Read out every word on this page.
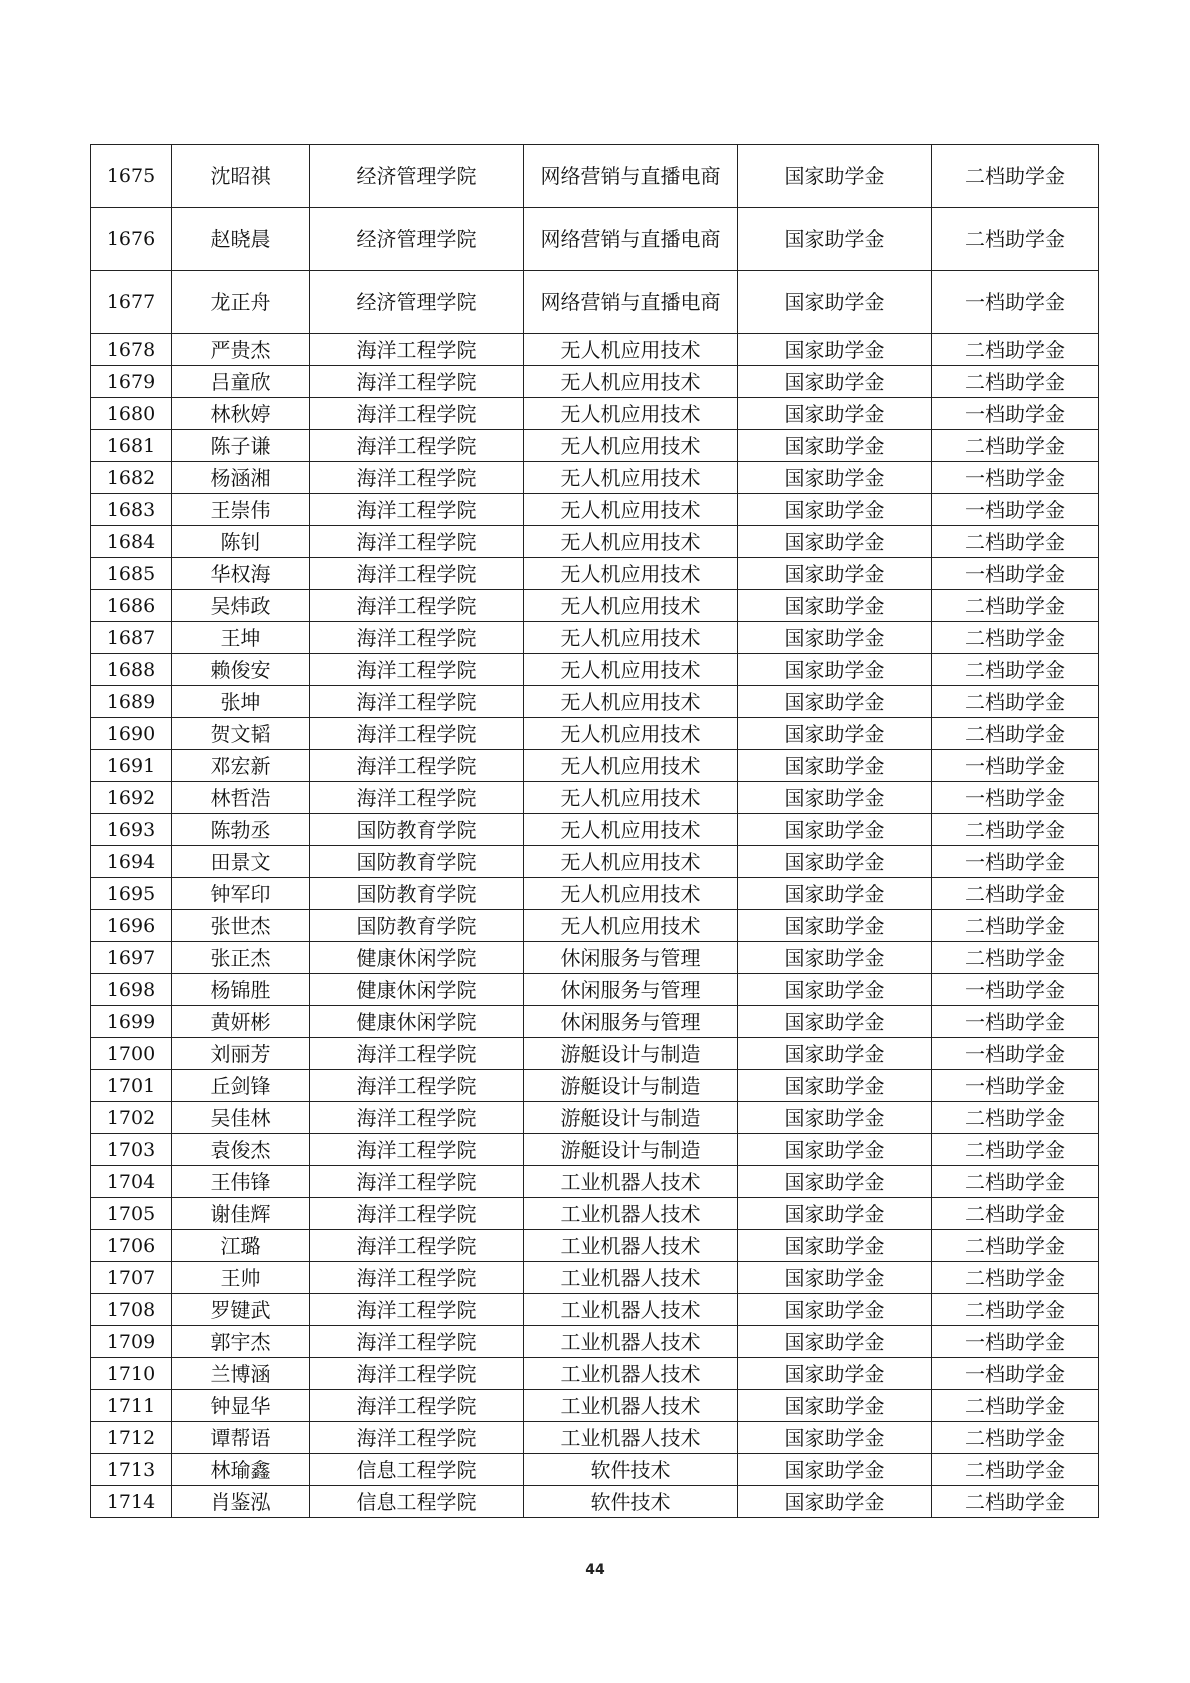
1675	沈昭祺	经济管理学院	网络营销与直播电商	国家助学金	二档助学金
1676	赵晓晨	经济管理学院	网络营销与直播电商	国家助学金	二档助学金
1677	龙正舟	经济管理学院	网络营销与直播电商	国家助学金	一档助学金
1678	严贵杰	海洋工程学院	无人机应用技术	国家助学金	二档助学金
1679	吕童欣	海洋工程学院	无人机应用技术	国家助学金	二档助学金
1680	林秋婷	海洋工程学院	无人机应用技术	国家助学金	一档助学金
1681	陈子谦	海洋工程学院	无人机应用技术	国家助学金	二档助学金
1682	杨涵湘	海洋工程学院	无人机应用技术	国家助学金	一档助学金
1683	王崇伟	海洋工程学院	无人机应用技术	国家助学金	一档助学金
1684	陈钊	海洋工程学院	无人机应用技术	国家助学金	二档助学金
1685	华权海	海洋工程学院	无人机应用技术	国家助学金	一档助学金
1686	吴炜政	海洋工程学院	无人机应用技术	国家助学金	二档助学金
1687	王坤	海洋工程学院	无人机应用技术	国家助学金	二档助学金
1688	赖俊安	海洋工程学院	无人机应用技术	国家助学金	二档助学金
1689	张坤	海洋工程学院	无人机应用技术	国家助学金	二档助学金
1690	贺文韬	海洋工程学院	无人机应用技术	国家助学金	二档助学金
1691	邓宏新	海洋工程学院	无人机应用技术	国家助学金	一档助学金
1692	林哲浩	海洋工程学院	无人机应用技术	国家助学金	一档助学金
1693	陈勃丞	国防教育学院	无人机应用技术	国家助学金	二档助学金
1694	田景文	国防教育学院	无人机应用技术	国家助学金	一档助学金
1695	钟军印	国防教育学院	无人机应用技术	国家助学金	二档助学金
1696	张世杰	国防教育学院	无人机应用技术	国家助学金	二档助学金
1697	张正杰	健康休闲学院	休闲服务与管理	国家助学金	二档助学金
1698	杨锦胜	健康休闲学院	休闲服务与管理	国家助学金	一档助学金
1699	黄妍彬	健康休闲学院	休闲服务与管理	国家助学金	一档助学金
1700	刘丽芳	海洋工程学院	游艇设计与制造	国家助学金	一档助学金
1701	丘剑锋	海洋工程学院	游艇设计与制造	国家助学金	一档助学金
1702	吴佳林	海洋工程学院	游艇设计与制造	国家助学金	二档助学金
1703	袁俊杰	海洋工程学院	游艇设计与制造	国家助学金	二档助学金
1704	王伟锋	海洋工程学院	工业机器人技术	国家助学金	二档助学金
1705	谢佳辉	海洋工程学院	工业机器人技术	国家助学金	二档助学金
1706	江璐	海洋工程学院	工业机器人技术	国家助学金	二档助学金
1707	王帅	海洋工程学院	工业机器人技术	国家助学金	二档助学金
1708	罗键武	海洋工程学院	工业机器人技术	国家助学金	二档助学金
1709	郭宇杰	海洋工程学院	工业机器人技术	国家助学金	一档助学金
1710	兰博涵	海洋工程学院	工业机器人技术	国家助学金	一档助学金
1711	钟显华	海洋工程学院	工业机器人技术	国家助学金	二档助学金
1712	谭帮语	海洋工程学院	工业机器人技术	国家助学金	二档助学金
1713	林瑜鑫	信息工程学院	软件技术	国家助学金	二档助学金
1714	肖鉴泓	信息工程学院	软件技术	国家助学金	二档助学金
44
